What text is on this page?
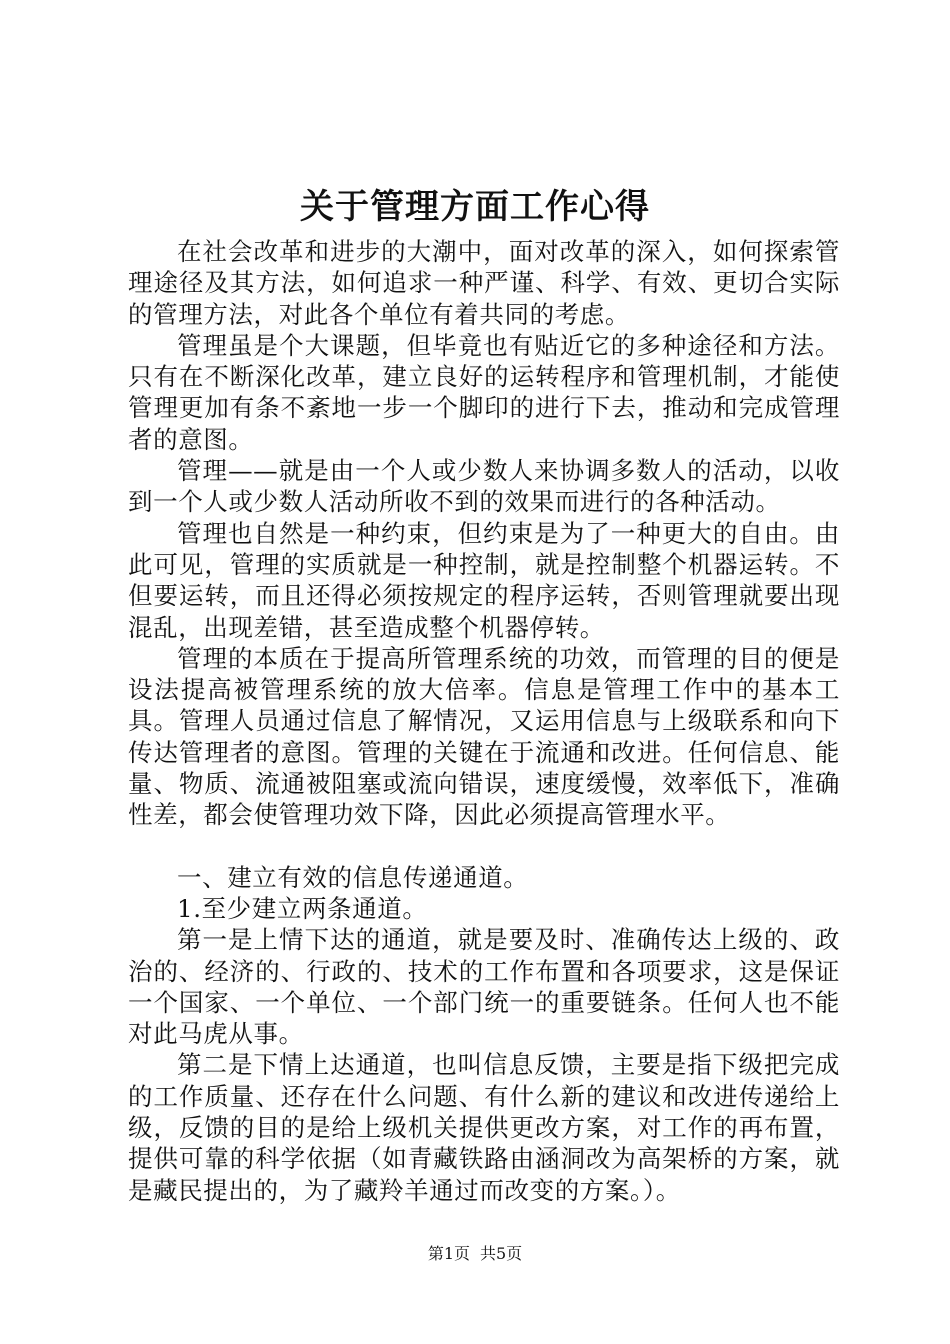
关于管理方面工作心得

在社会改革和进步的大潮中，面对改革的深入，如何探索管理途径及其方法，如何追求一种严谨、科学、有效、更切合实际的管理方法，对此各个单位有着共同的考虑。

管理虽是个大课题，但毕竟也有贴近它的多种途径和方法。只有在不断深化改革，建立良好的运转程序和管理机制，才能使管理更加有条不紊地一步一个脚印的进行下去，推动和完成管理者的意图。

管理——就是由一个人或少数人来协调多数人的活动，以收到一个人或少数人活动所收不到的效果而进行的各种活动。

管理也自然是一种约束，但约束是为了一种更大的自由。由此可见，管理的实质就是一种控制，就是控制整个机器运转。不但要运转，而且还得必须按规定的程序运转，否则管理就要出现混乱，出现差错，甚至造成整个机器停转。

管理的本质在于提高所管理系统的功效，而管理的目的便是设法提高被管理系统的放大倍率。信息是管理工作中的基本工具。管理人员通过信息了解情况，又运用信息与上级联系和向下传达管理者的意图。管理的关键在于流通和改进。任何信息、能量、物质、流通被阻塞或流向错误，速度缓慢，效率低下，准确性差，都会使管理功效下降，因此必须提高管理水平。

一、建立有效的信息传递通道。

1.至少建立两条通道。

第一是上情下达的通道，就是要及时、准确传达上级的、政治的、经济的、行政的、技术的工作布置和各项要求，这是保证一个国家、一个单位、一个部门统一的重要链条。任何人也不能对此马虎从事。

第二是下情上达通道，也叫信息反馈，主要是指下级把完成的工作质量、还存在什么问题、有什么新的建议和改进传递给上级，反馈的目的是给上级机关提供更改方案，对工作的再布置，提供可靠的科学依据（如青藏铁路由涵洞改为高架桥的方案，就是藏民提出的，为了藏羚羊通过而改变的方案。）。

第1页 共5页
